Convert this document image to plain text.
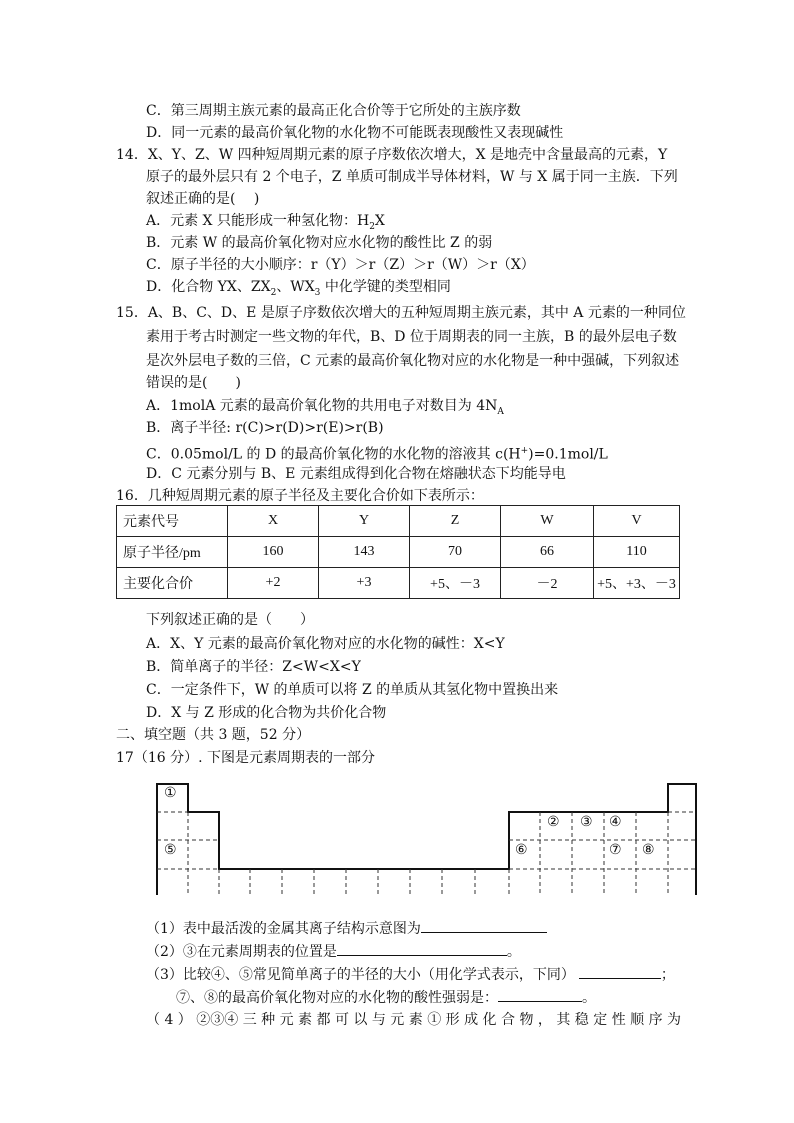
C．第三周期主族元素的最高正化合价等于它所处的主族序数
D．同一元素的最高价氧化物的水化物不可能既表现酸性又表现碱性
14．X、Y、Z、W 四种短周期元素的原子序数依次增大，X 是地壳中含量最高的元素，Y
原子的最外层只有 2 个电子，Z 单质可制成半导体材料，W 与 X 属于同一主族．下列
叙述正确的是(　 )
A．元素 X 只能形成一种氢化物：$H_2X$
B．元素 W 的最高价氧化物对应水化物的酸性比 Z 的弱
C．原子半径的大小顺序：r（Y）＞r（Z）＞r（W）＞r（X）
D．化合物 YX、$ZX_2$、$WX_3$ 中化学键的类型相同
15．A、B、C、D、E 是原子序数依次增大的五种短周期主族元素，其中 A 元素的一种同位
素用于考古时测定一些文物的年代，B、D 位于周期表的同一主族，B 的最外层电子数
是次外层电子数的三倍，C 元素的最高价氧化物对应的水化物是一种中强碱，下列叙述
错误的是(　　)
A．1molA 元素的最高价氧化物的共用电子对数目为 $4N_A$
B．离子半径: r(C)>r(D)>r(E)>r(B)
C．0.05mol/L 的 D 的最高价氧化物的水化物的溶液其 c(H+)=0.1mol/L
D．C 元素分别与 B、E 元素组成得到化合物在熔融状态下均能导电
16．几种短周期元素的原子半径及主要化合价如下表所示：
元素代号	X	Y	Z	W	V
原子半径/pm	160	143	70	66	110
主要化合价	+2	+3	+5、－3	－2	+5、+3、－3
下列叙述正确的是（　　）
A．X、Y 元素的最高价氧化物对应的水化物的碱性：X<Y
B．简单离子的半径：Z<W<X<Y
C．一定条件下，W 的单质可以将 Z 的单质从其氢化物中置换出来
D．X 与 Z 形成的化合物为共价化合物
二、填空题（共 3 题，52 分）
17（16 分）. 下图是元素周期表的一部分
①
② ③ ④
⑤	⑥	⑦ ⑧
（1）表中最活泼的金属其离子结构示意图为
（2）③在元素周期表的位置是	。
（3）比较④、⑤常见简单离子的半径的大小（用化学式表示，下同）	；
⑦、⑧的最高价氧化物对应的水化物的酸性强弱是：	。
（ 4 ） ②③④ 三 种 元 素 都 可 以 与 元 素 ① 形 成 化 合 物 ， 其 稳 定 性 顺 序 为
